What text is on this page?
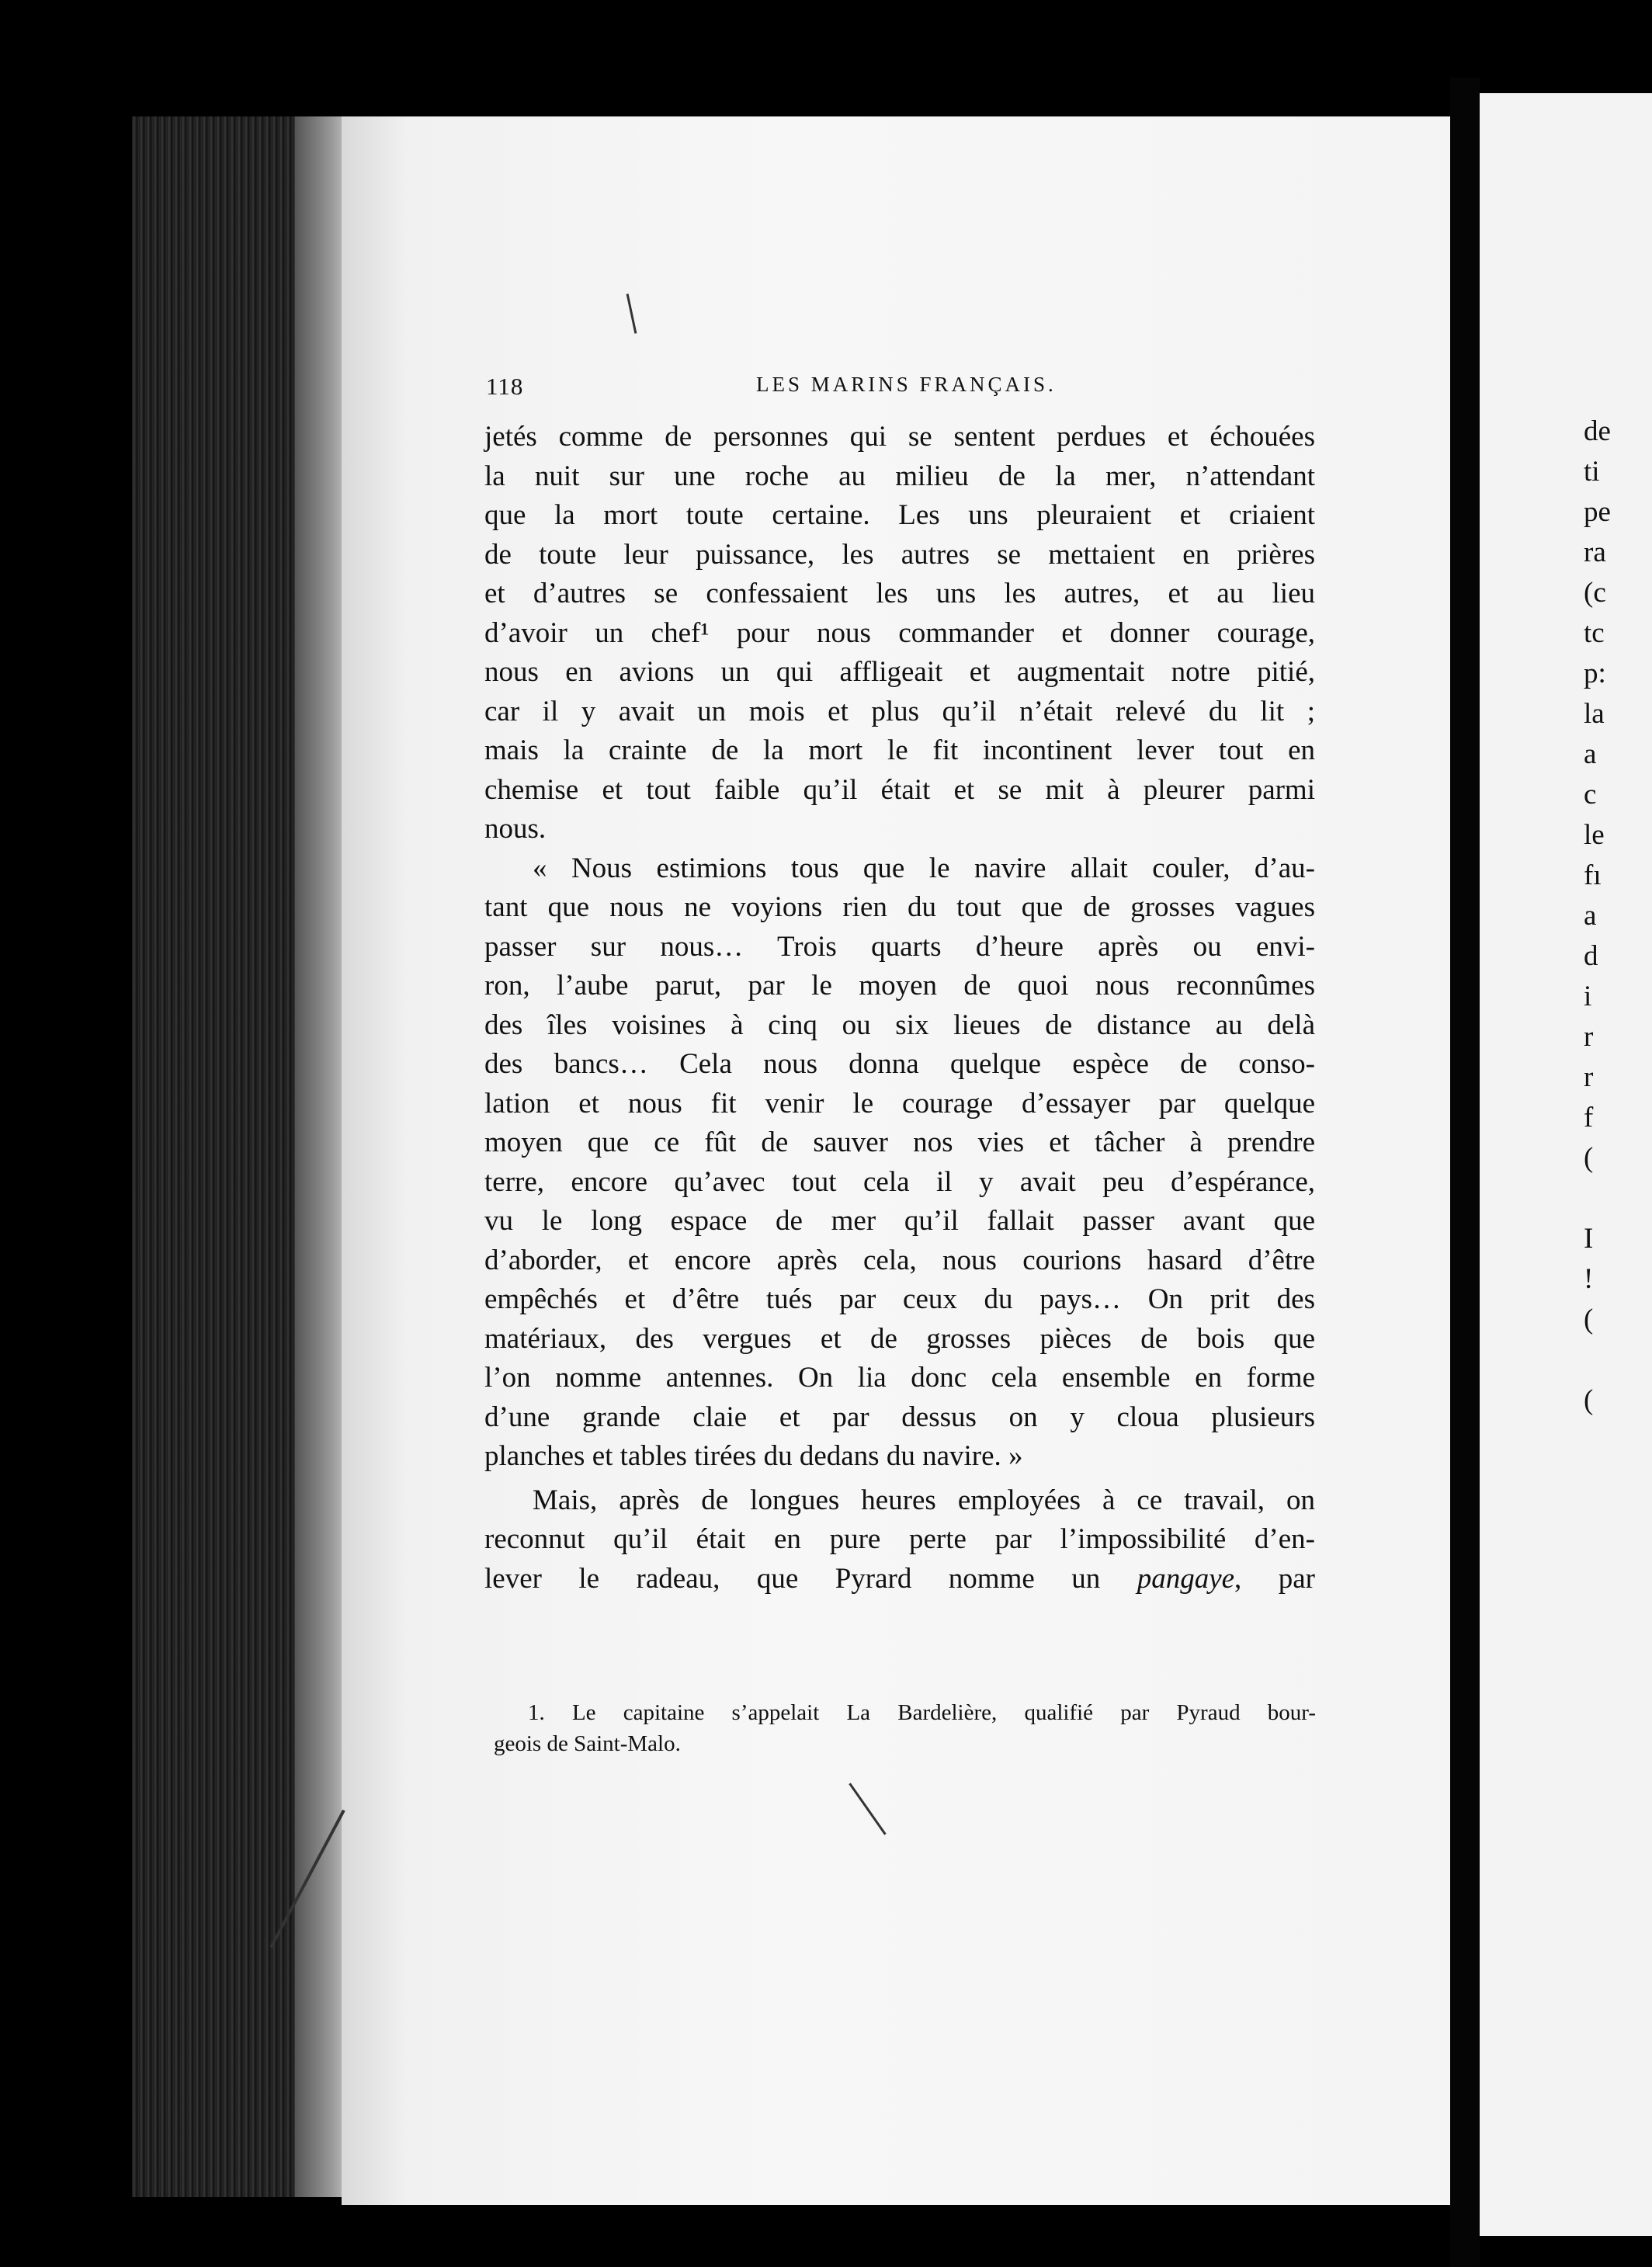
118	LES MARINS FRANÇAIS.
jetés comme de personnes qui se sentent perdues et échouées
la nuit sur une roche au milieu de la mer, n’attendant
que la mort toute certaine. Les uns pleuraient et criaient
de toute leur puissance, les autres se mettaient en prières
et d’autres se confessaient les uns les autres, et au lieu
d’avoir un chef¹ pour nous commander et donner courage,
nous en avions un qui affligeait et augmentait notre pitié,
car il y avait un mois et plus qu’il n’était relevé du lit ;
mais la crainte de la mort le fit incontinent lever tout en
chemise et tout faible qu’il était et se mit à pleurer parmi
nous.
« Nous estimions tous que le navire allait couler, d’au-
tant que nous ne voyions rien du tout que de grosses vagues
passer sur nous… Trois quarts d’heure après ou envi-
ron, l’aube parut, par le moyen de quoi nous reconnûmes
des îles voisines à cinq ou six lieues de distance au delà
des bancs… Cela nous donna quelque espèce de conso-
lation et nous fit venir le courage d’essayer par quelque
moyen que ce fût de sauver nos vies et tâcher à prendre
terre, encore qu’avec tout cela il y avait peu d’espérance,
vu le long espace de mer qu’il fallait passer avant que
d’aborder, et encore après cela, nous courions hasard d’être
empêchés et d’être tués par ceux du pays… On prit des
matériaux, des vergues et de grosses pièces de bois que
l’on nomme antennes. On lia donc cela ensemble en forme
d’une grande claie et par dessus on y cloua plusieurs
planches et tables tirées du dedans du navire. »
Mais, après de longues heures employées à ce travail, on
reconnut qu’il était en pure perte par l’impossibilité d’en-
lever le radeau, que Pyrard nomme un pangaye, par
1. Le capitaine s’appelait La Bardelière, qualifié par Pyraud bour-
geois de Saint-Malo.
de
ti
pe
ra
(c
tc
p:
la
a
c
le
fı
a
d
i
r
r
f
(
I
!
(
(
